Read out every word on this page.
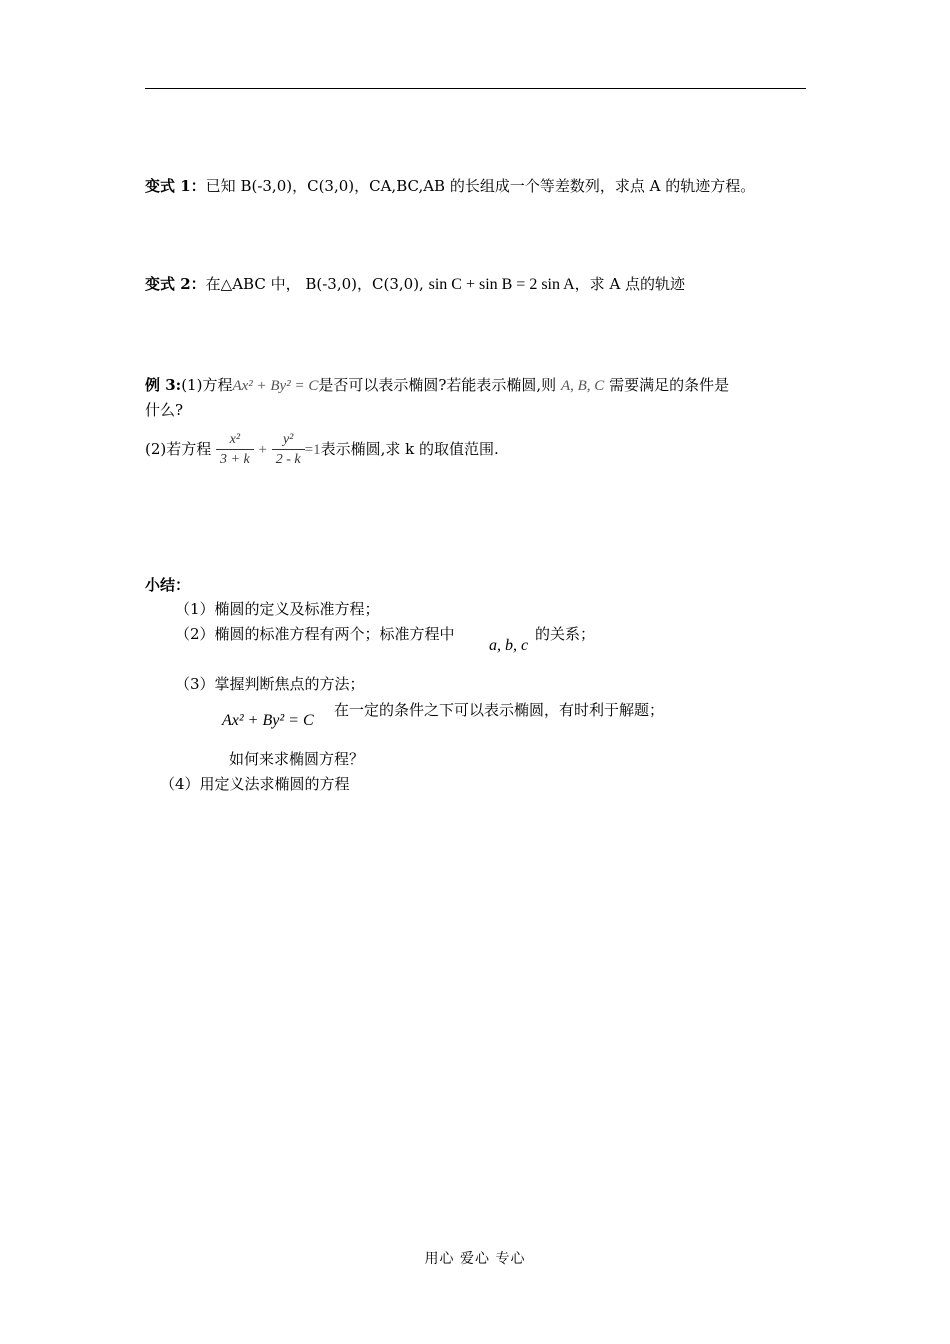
变式 1：已知 B(-3,0)，C(3,0)，CA,BC,AB 的长组成一个等差数列，求点 A 的轨迹方程。
变式 2：在△ABC 中， B(-3,0)，C(3,0), sin C + sin B = 2 sin A，求 A 点的轨迹
例 3:(1)方程Ax² + By² = C是否可以表示椭圆?若能表示椭圆,则 A, B, C 需要满足的条件是
什么?
(2)若方程 $\frac{\text{x²}}{3 + k} + \frac{\text{y²}}{2 - k} =1$表示椭圆,求 k 的取值范围.
小结：
（1）椭圆的定义及标准方程；
（2）椭圆的标准方程有两个；标准方程中
a, b, c
的关系；
（3）掌握判断焦点的方法；
Ax² + By² = C
在一定的条件之下可以表示椭圆，有时利于解题；
如何来求椭圆方程？
（4）用定义法求椭圆的方程
用心 爱心 专心
